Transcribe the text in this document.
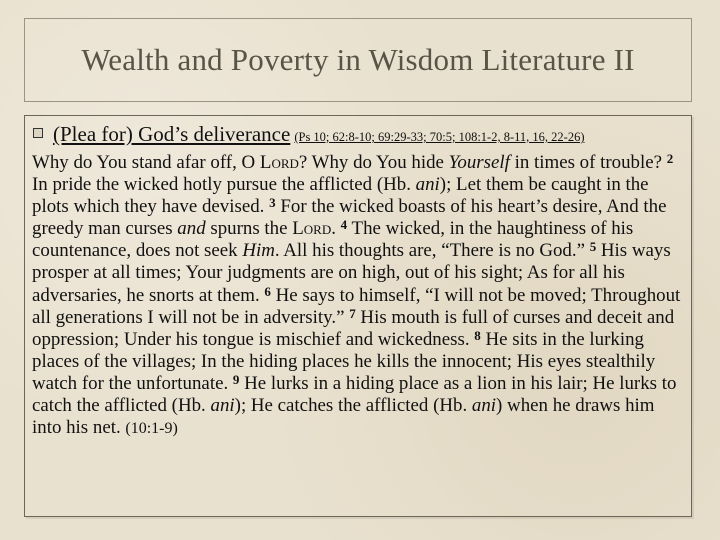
Wealth and Poverty in Wisdom Literature II
(Plea for) God’s deliverance (Ps 10; 62:8-10; 69:29-33; 70:5; 108:1-2, 8-11, 16, 22-26)

Why do You stand afar off, O Lord? Why do You hide Yourself in times of trouble? $^2$ In pride the wicked hotly pursue the afflicted (Hb. ani); Let them be caught in the plots which they have devised. $^3$ For the wicked boasts of his heart’s desire, And the greedy man curses and spurns the Lord. $^4$ The wicked, in the haughtiness of his countenance, does not seek Him. All his thoughts are, “There is no God.” $^5$ His ways prosper at all times; Your judgments are on high, out of his sight; As for all his adversaries, he snorts at them. $^6$ He says to himself, “I will not be moved; Throughout all generations I will not be in adversity.” $^7$ His mouth is full of curses and deceit and oppression; Under his tongue is mischief and wickedness. $^8$ He sits in the lurking places of the villages; In the hiding places he kills the innocent; His eyes stealthily watch for the unfortunate. $^9$ He lurks in a hiding place as a lion in his lair; He lurks to catch the afflicted (Hb. ani); He catches the afflicted (Hb. ani) when he draws him into his net. (10:1-9)
